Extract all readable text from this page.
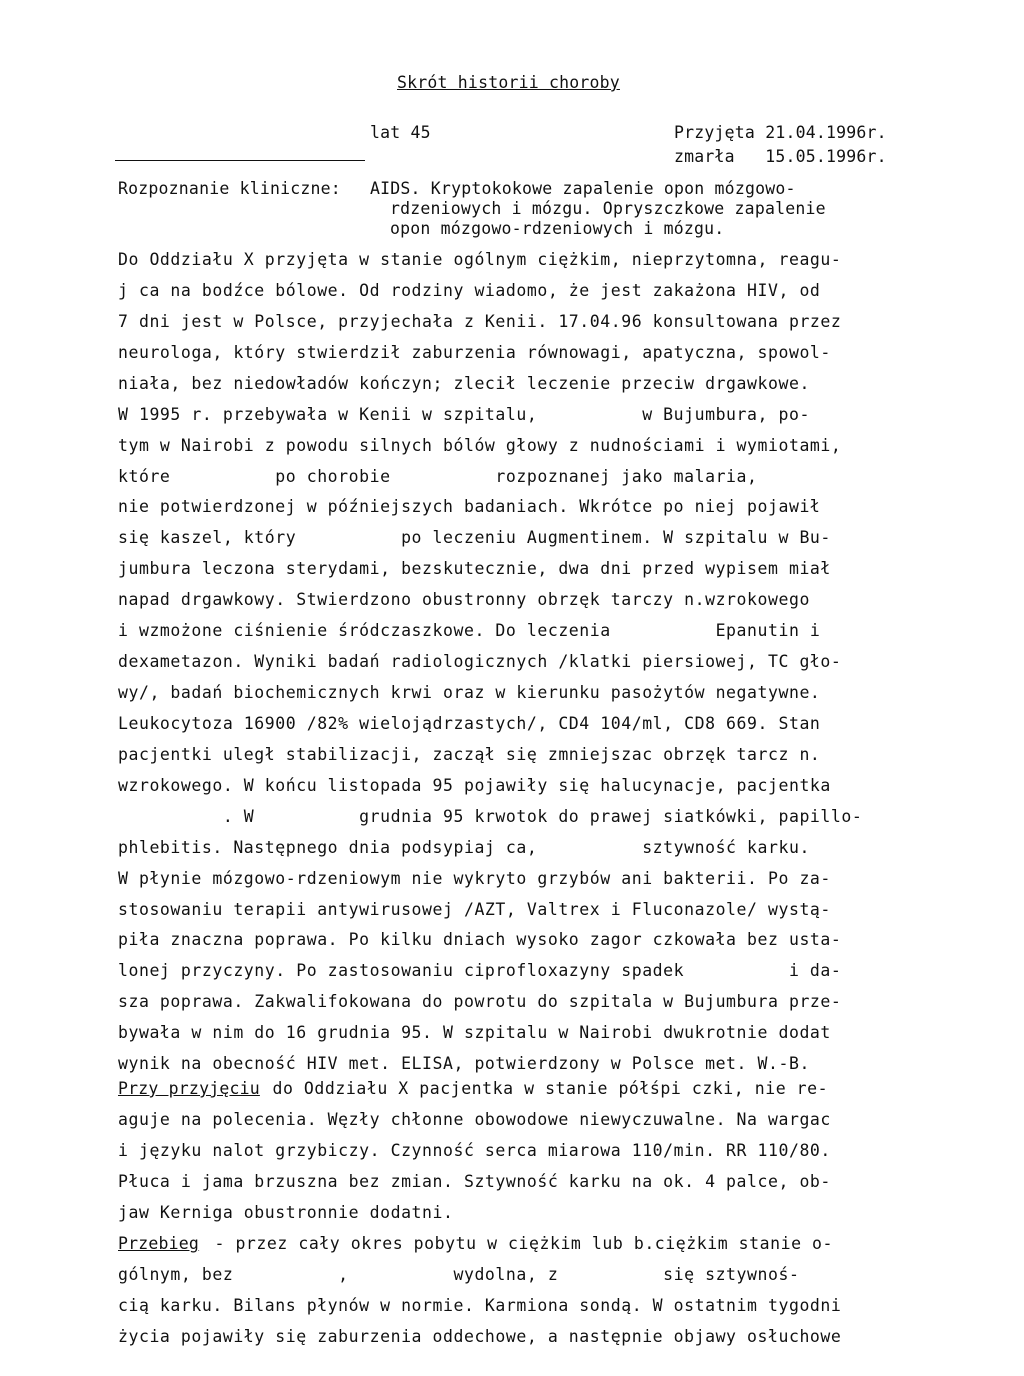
Skrót historii choroby
lat 45	Przyjęta 21.04.1996r.
zmarła   15.05.1996r.
Rozpoznanie kliniczne: AIDS. Kryptokokowe zapalenie opon mózgowo-
rdzeniowych i mózgu. Opryszczkowe zapalenie
opon mózgowo-rdzeniowych i mózgu.
Do Oddziału X przyjęta w stanie ogólnym ciężkim, nieprzytomna, reagu-
j ca na bodźce bólowe. Od rodziny wiadomo, że jest zakażona HIV, od
7 dni jest w Polsce, przyjechała z Kenii. 17.04.96 konsultowana przez
neurologa, który stwierdził zaburzenia równowagi, apatyczna, spowol-
niała, bez niedowładów kończyn; zlecił leczenie przeciw drgawkowe.
W 1995 r. przebywała w Kenii w szpitalu,          w Bujumbura, po-
tym w Nairobi z powodu silnych bólów głowy z nudnościami i wymiotami,
które          po chorobie          rozpoznanej jako malaria,
nie potwierdzonej w późniejszych badaniach. Wkrótce po niej pojawił
się kaszel, który          po leczeniu Augmentinem. W szpitalu w Bu-
jumbura leczona sterydami, bezskutecznie, dwa dni przed wypisem miał
napad drgawkowy. Stwierdzono obustronny obrzęk tarczy n.wzrokowego
i wzmożone ciśnienie śródczaszkowe. Do leczenia          Epanutin i
dexametazon. Wyniki badań radiologicznych /klatki piersiowej, TC gło-
wy/, badań biochemicznych krwi oraz w kierunku pasożytów negatywne.
Leukocytoza 16900 /82% wielojądrzastych/, CD4 104/ml, CD8 669. Stan
pacjentki uległ stabilizacji, zaczął się zmniejszac obrzęk tarcz n.
wzrokowego. W końcu listopada 95 pojawiły się halucynacje, pacjentka
. W          grudnia 95 krwotok do prawej siatkówki, papillo-
phlebitis. Następnego dnia podsypiaj ca,          sztywność karku.
W płynie mózgowo-rdzeniowym nie wykryto grzybów ani bakterii. Po za-
stosowaniu terapii antywirusowej /AZT, Valtrex i Fluconazole/ wystą-
piła znaczna poprawa. Po kilku dniach wysoko zagor czkowała bez usta-
lonej przyczyny. Po zastosowaniu ciprofloxazyny spadek          i da-
sza poprawa. Zakwalifokowana do powrotu do szpitala w Bujumbura prze-
bywała w nim do 16 grudnia 95. W szpitalu w Nairobi dwukrotnie dodat
wynik na obecność HIV met. ELISA, potwierdzony w Polsce met. W.-B.
Przy przyjęciu do Oddziału X pacjentka w stanie półśpi czki, nie re-
aguje na polecenia. Węzły chłonne obowodowe niewyczuwalne. Na wargac
i języku nalot grzybiczy. Czynność serca miarowa 110/min. RR 110/80.
Płuca i jama brzuszna bez zmian. Sztywność karku na ok. 4 palce, ob-
jaw Kerniga obustronnie dodatni.
Przebieg - przez cały okres pobytu w ciężkim lub b.ciężkim stanie o-
gólnym, bez          ,          wydolna, z          się sztywnoś-
cią karku. Bilans płynów w normie. Karmiona sondą. W ostatnim tygodni
życia pojawiły się zaburzenia oddechowe, a następnie objawy osłuchowe
